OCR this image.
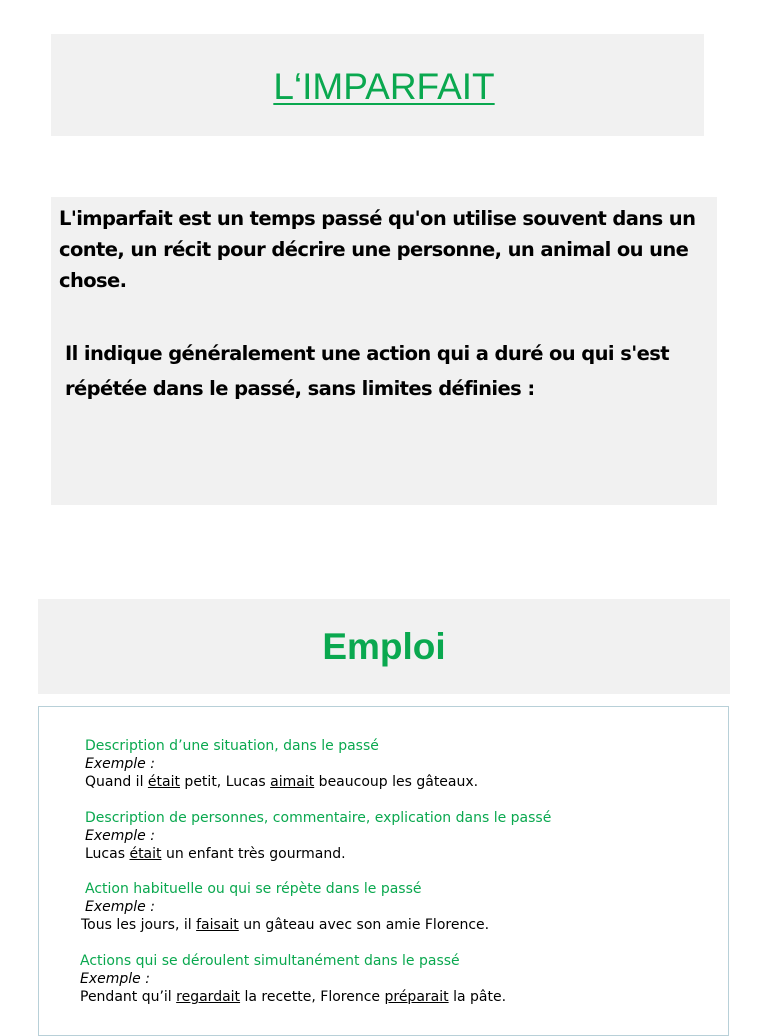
L‘IMPARFAIT

L'imparfait est un temps passé qu'on utilise souvent dans un conte, un récit pour décrire une personne, un animal ou une chose.

Il indique généralement une action qui a duré ou qui s'est répétée dans le passé, sans limites définies :

Emploi
Description d’une situation, dans le passé
Exemple :
Quand il était petit, Lucas aimait beaucoup les gâteaux.
Description de personnes, commentaire, explication dans le passé
Exemple :
Lucas était un enfant très gourmand.
Action habituelle ou qui se répète dans le passé
Exemple :
Tous les jours, il faisait un gâteau avec son amie Florence.
Actions qui se déroulent simultanément dans le passé
Exemple :
Pendant qu’il regardait la recette, Florence préparait la pâte.
